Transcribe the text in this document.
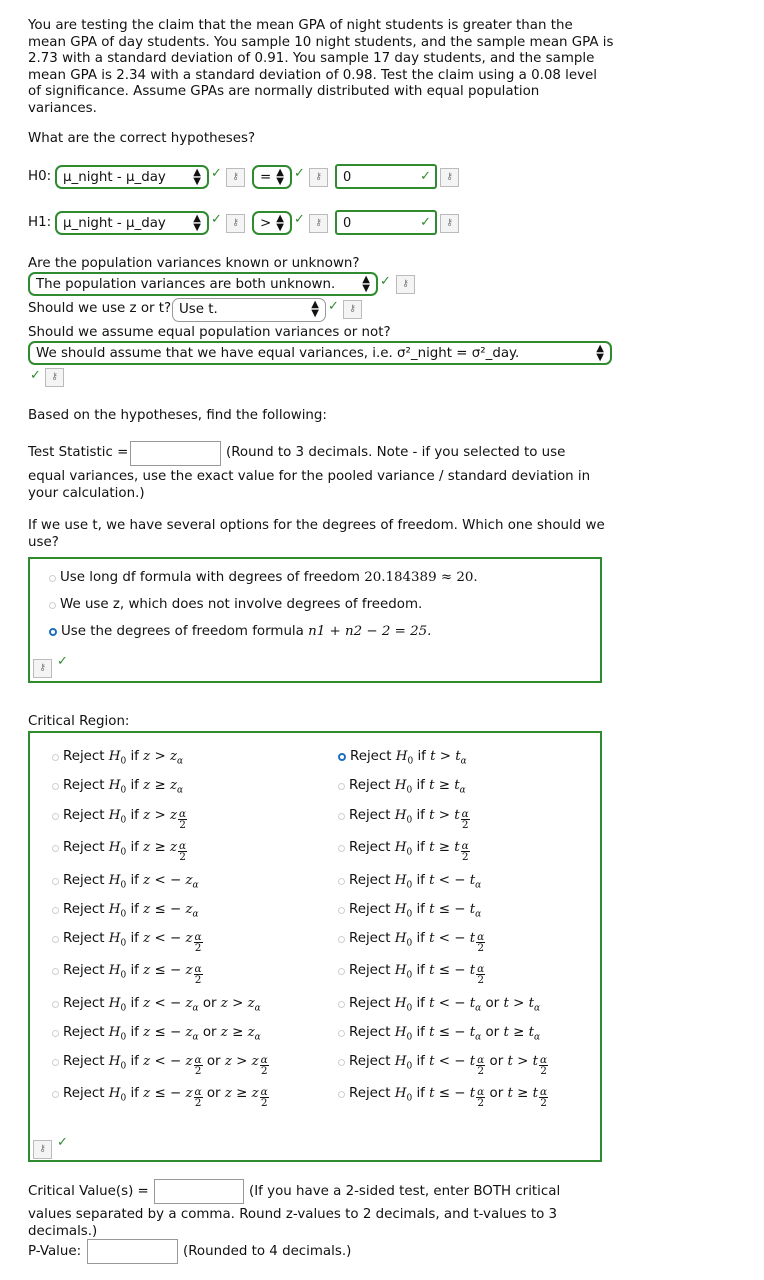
You are testing the claim that the mean GPA of night students is greater than the
mean GPA of day students. You sample 10 night students, and the sample mean GPA is
2.73 with a standard deviation of 0.91. You sample 17 day students, and the sample
mean GPA is 2.34 with a standard deviation of 0.98. Test the claim using a 0.08 level
of significance. Assume GPAs are normally distributed with equal population
variances.
What are the correct hypotheses?
H0: μ_night - μ_day	▲
▼
✓	⚷	= ▲
▼
✓	⚷	0	✓	⚷
H1: μ_night - μ_day	▲
▼
✓	⚷	> ▲
▼
✓	⚷	0	✓	⚷
Are the population variances known or unknown?
The population variances are both unknown.	▲
▼ ✓	⚷
Should we use z or t? Use t.	▲
▼ ✓	⚷
Should we assume equal population variances or not?
We should assume that we have equal variances, i.e. σ²_night = σ²_day.	▲
▼
✓	⚷
Based on the hypotheses, find the following:
Test Statistic =	(Round to 3 decimals. Note - if you selected to use
equal variances, use the exact value for the pooled variance / standard deviation in
your calculation.)
If we use t, we have several options for the degrees of freedom. Which one should we
use?
Use long df formula with degrees of freedom 20.184389 ≈ 20.
We use z, which does not involve degrees of freedom.
Use the degrees of freedom formula n1 + n2 − 2 = 25.
⚷ ✓
Critical Region:
⚷ ✓
Reject $H_0$ if $z > z_\alpha$
Reject $H_0$ if $z \ge z_\alpha$
Reject $H_0$ if z > z $\frac{\alpha}{2}$
Reject $H_0$ if z ≥ z $\frac{\alpha}{2}$
Reject $H_0$ if z < − $z_\alpha$
Reject $H_0$ if z ≤ − $z_\alpha$
Reject $H_0$ if z < − z $\frac{\alpha}{2}$
Reject $H_0$ if z ≤ − z $\frac{\alpha}{2}$
Reject $H_0$ if z < − $z_\alpha$ or $z > z_\alpha$
Reject $H_0$ if z ≤ − $z_\alpha$ or $z \ge z_\alpha$
Reject $H_0$ if z < − z $\frac{\alpha}{2}$ or z > z $\frac{\alpha}{2}$
Reject $H_0$ if z ≤ − z $\frac{\alpha}{2}$ or z ≥ z $\frac{\alpha}{2}$
Reject $H_0$ if $t > t_\alpha$
Reject $H_0$ if $t \ge t_\alpha$
Reject $H_0$ if t > t $\frac{\alpha}{2}$
Reject $H_0$ if t ≥ t $\frac{\alpha}{2}$
Reject $H_0$ if t < − $t_\alpha$
Reject $H_0$ if t ≤ − $t_\alpha$
Reject $H_0$ if t < − t $\frac{\alpha}{2}$
Reject $H_0$ if t ≤ − t $\frac{\alpha}{2}$
Reject $H_0$ if t < − $t_\alpha$ or $t > t_\alpha$
Reject $H_0$ if t ≤ − $t_\alpha$ or $t \ge t_\alpha$
Reject $H_0$ if t < − t $\frac{\alpha}{2}$ or t > t $\frac{\alpha}{2}$
Reject $H_0$ if t ≤ − t $\frac{\alpha}{2}$ or t ≥ t $\frac{\alpha}{2}$
Critical Value(s) =	(If you have a 2-sided test, enter BOTH critical
values separated by a comma. Round z-values to 2 decimals, and t-values to 3
decimals.)
P-Value:	(Rounded to 4 decimals.)
